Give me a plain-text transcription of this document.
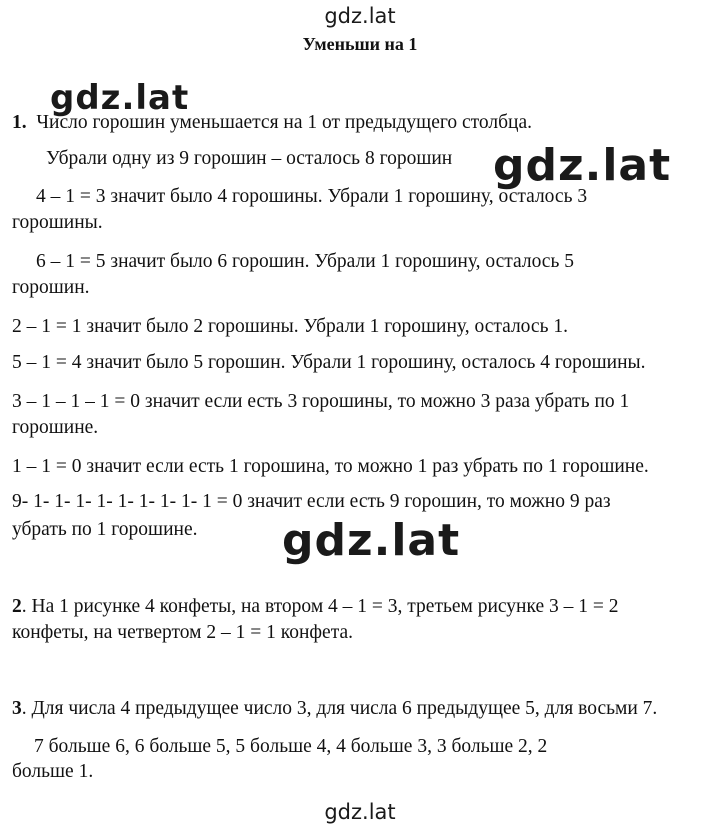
gdz.lat
Уменьши на 1
1. Число горошин уменьшается на 1 от предыдущего столбца.
Убрали одну из 9 горошин – осталось 8 горошин
4 – 1 = 3 значит было 4 горошины. Убрали 1 горошину, осталось 3
горошины.
6 – 1 = 5 значит было 6 горошин. Убрали 1 горошину, осталось 5
горошин.
2 – 1 = 1 значит было 2 горошины. Убрали 1 горошину, осталось 1.
5 – 1 = 4 значит было 5 горошин. Убрали 1 горошину, осталось 4 горошины.
3 – 1 – 1 – 1 = 0 значит если есть 3 горошины, то можно 3 раза убрать по 1
горошине.
1 – 1 = 0 значит если есть 1 горошина, то можно 1 раз убрать по 1 горошине.
9- 1- 1- 1- 1- 1- 1- 1- 1- 1 = 0 значит если есть 9 горошин, то можно 9 раз
убрать по 1 горошине.
2. На 1 рисунке 4 конфеты, на втором 4 – 1 = 3, третьем рисунке 3 – 1 = 2
конфеты, на четвертом 2 – 1 = 1 конфета.
3. Для числа 4 предыдущее число 3, для числа 6 предыдущее 5, для восьми 7.
7 больше 6, 6 больше 5, 5 больше 4, 4 больше 3, 3 больше 2, 2
больше 1.
gdz.lat
gdz.lat
gdz.lat
gdz.lat
